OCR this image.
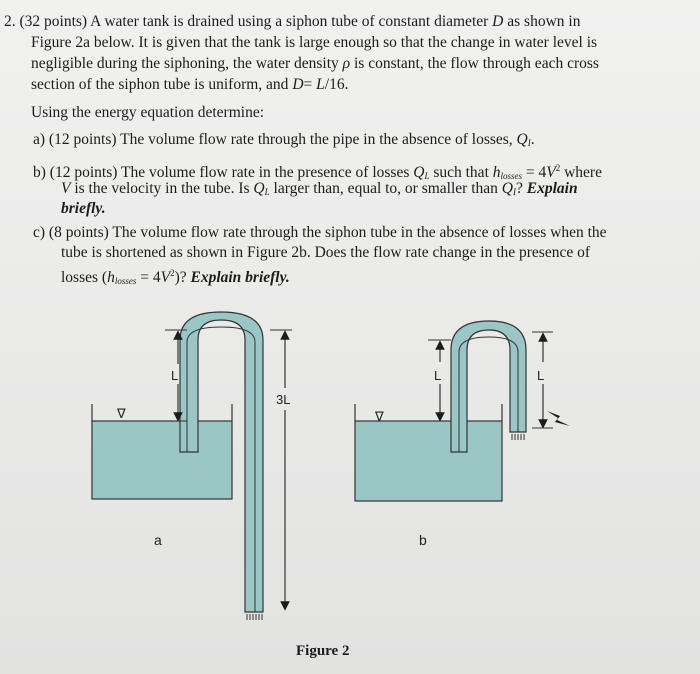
2. (32 points) A water tank is drained using a siphon tube of constant diameter D as shown in
Figure 2a below. It is given that the tank is large enough so that the change in water level is
negligible during the siphoning, the water density ρ is constant, the flow through each cross
section of the siphon tube is uniform, and D= L/16.
Using the energy equation determine:
a) (12 points) The volume flow rate through the pipe in the absence of losses, $Q_I$.
b) (12 points) The volume flow rate in the presence of losses $Q_L$ such that $h_{losses} = 4V^2$ where
V is the velocity in the tube. Is $Q_L$ larger than, equal to, or smaller than $Q_I$? Explain
briefly.
c) (8 points) The volume flow rate through the siphon tube in the absence of losses when the
tube is shortened as shown in Figure 2b. Does the flow rate change in the presence of
losses $(h_{losses} = 4V^2)$? Explain briefly.
∇
L
3L
a
∇
L	L
b
Figure 2
